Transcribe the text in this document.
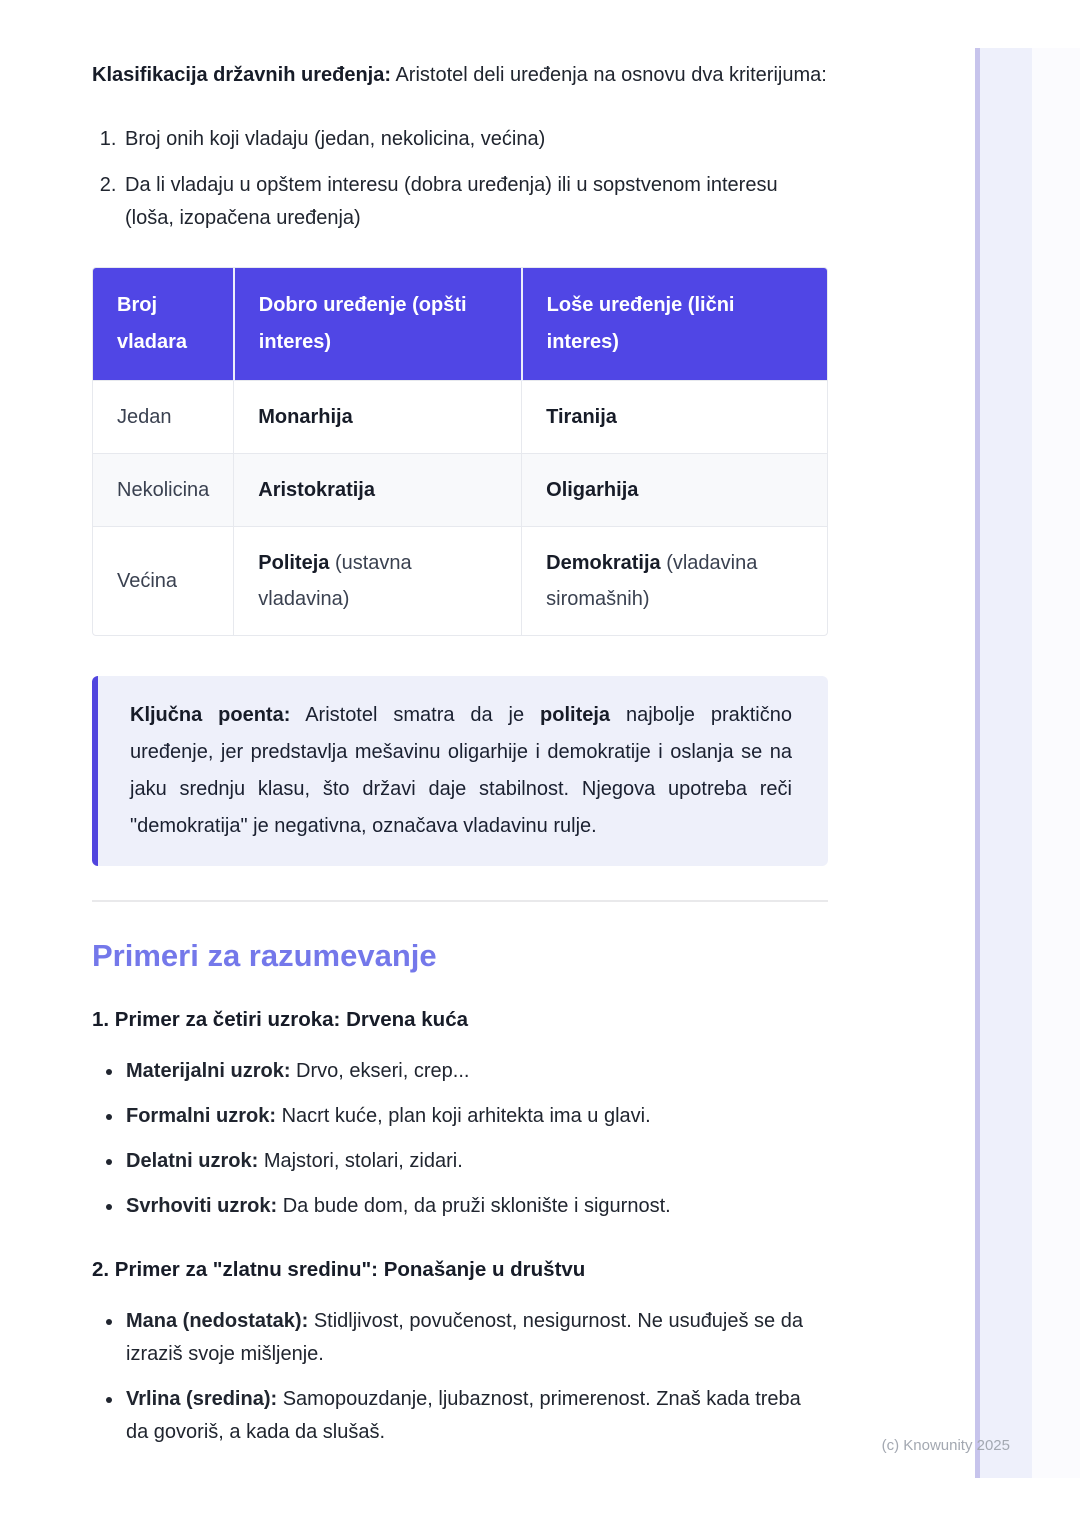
Klasifikacija državnih uređenja: Aristotel deli uređenja na osnovu dva kriterijuma:

1. Broj onih koji vladaju (jedan, nekolicina, većina)
2. Da li vladaju u opštem interesu (dobra uređenja) ili u sopstvenom interesu (loša, izopačena uređenja)
Broj vladara	Dobro uređenje (opšti interes)	Loše uređenje (lični interes)
Jedan	Monarhija	Tiranija
Nekolicina	Aristokratija	Oligarhija
Većina	Politeja (ustavna vladavina)	Demokratija (vladavina siromašnih)

Ključna poenta: Aristotel smatra da je politeja najbolje praktično uređenje, jer predstavlja mešavinu oligarhije i demokratije i oslanja se na jaku srednju klasu, što državi daje stabilnost. Njegova upotreba reči "demokratija" je negativna, označava vladavinu rulje.

Primeri za razumevanje
1. Primer za četiri uzroka: Drvena kuća
• Materijalni uzrok: Drvo, ekseri, crep...
• Formalni uzrok: Nacrt kuće, plan koji arhitekta ima u glavi.
• Delatni uzrok: Majstori, stolari, zidari.
• Svrhoviti uzrok: Da bude dom, da pruži sklonište i sigurnost.
2. Primer za "zlatnu sredinu": Ponašanje u društvu
• Mana (nedostatak): Stidljivost, povučenost, nesigurnost. Ne usuđuješ se da izraziš svoje mišljenje.
• Vrlina (sredina): Samopouzdanje, ljubaznost, primerenost. Znaš kada treba da govoriš, a kada da slušaš.
(c) Knowunity 2025
